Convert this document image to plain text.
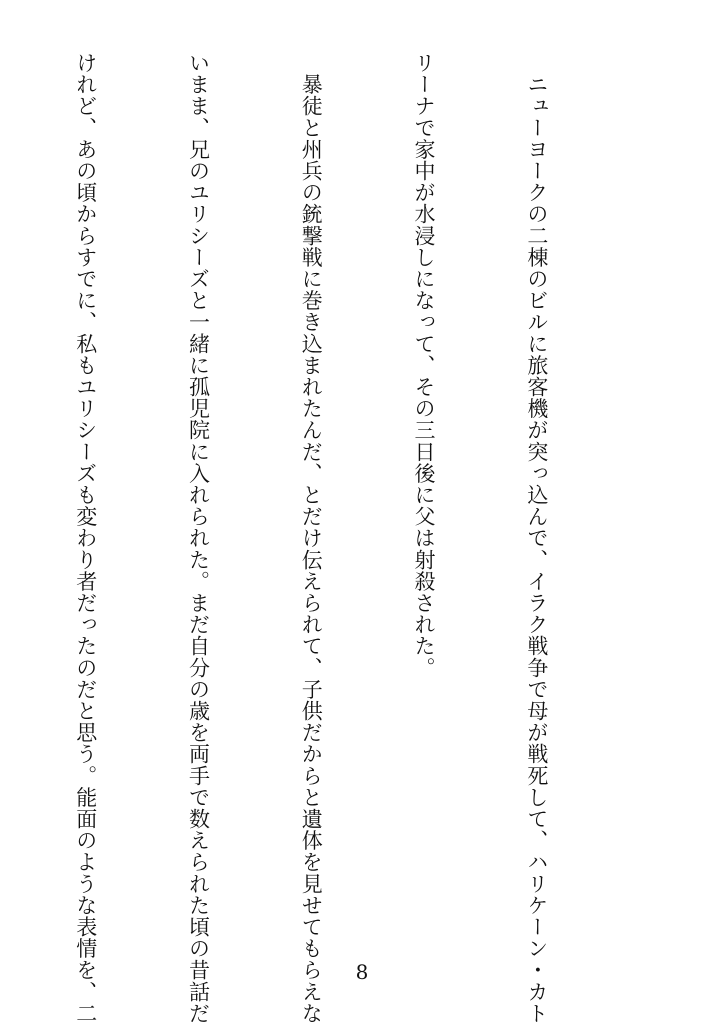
　ニューヨークの二棟のビルに旅客機が突っ込んで、イラク戦争で母が戦死して、ハリケーン・カト

リーナで家中が水浸しになって、その三日後に父は射殺された。

　暴徒と州兵の銃撃戦に巻き込まれたんだ、とだけ伝えられて、子供だからと遺体を見せてもらえな

いまま、兄のユリシーズと一緒に孤児院に入れられた。まだ自分の歳を両手で数えられた頃の昔話だ

けれど、あの頃からすでに、私もユリシーズも変わり者だったのだと思う。能面のような表情を、二

	8
